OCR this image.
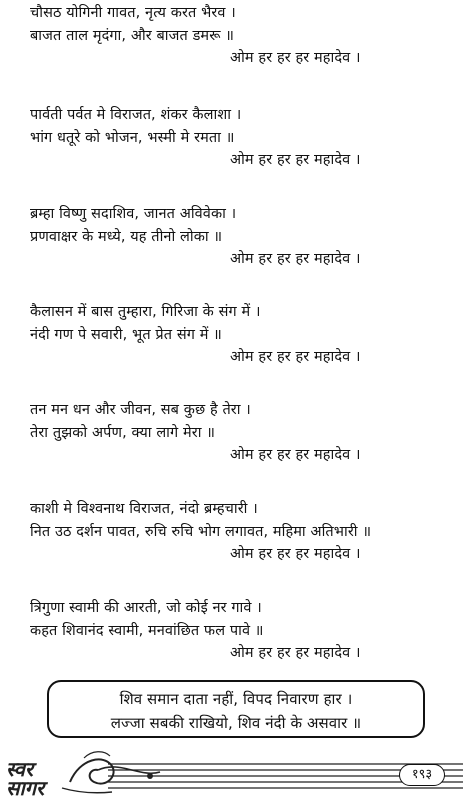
चौसठ योगिनी गावत, नृत्य करत भैरव ।
बाजत ताल मृदंगा, और बाजत डमरू ॥
ओम हर हर हर महादेव ।
पार्वती पर्वत मे विराजत, शंकर कैलाशा ।
भांग धतूरे को भोजन, भस्मी मे रमता ॥
ओम हर हर हर महादेव ।
ब्रम्हा विष्णु सदाशिव, जानत अविवेका ।
प्रणवाक्षर के मध्ये, यह तीनो लोका ॥
ओम हर हर हर महादेव ।
कैलासन में बास तुम्हारा, गिरिजा के संग में ।
नंदी गण पे सवारी, भूत प्रेत संग में ॥
ओम हर हर हर महादेव ।
तन मन धन और जीवन, सब कुछ है तेरा ।
तेरा तुझको अर्पण, क्या लागे मेरा ॥
ओम हर हर हर महादेव ।
काशी मे विश्वनाथ विराजत, नंदो ब्रम्हचारी ।
नित उठ दर्शन पावत, रुचि रुचि भोग लगावत, महिमा अतिभारी ॥
ओम हर हर हर महादेव ।
त्रिगुणा स्वामी की आरती, जो कोई नर गावे ।
कहत शिवानंद स्वामी, मनवांछित फल पावे ॥
ओम हर हर हर महादेव ।
शिव समान दाता नहीं, विपद निवारण हार ।
लज्जा सबकी राखियो, शिव नंदी के असवार ॥
स्वर
सागर
१९३
